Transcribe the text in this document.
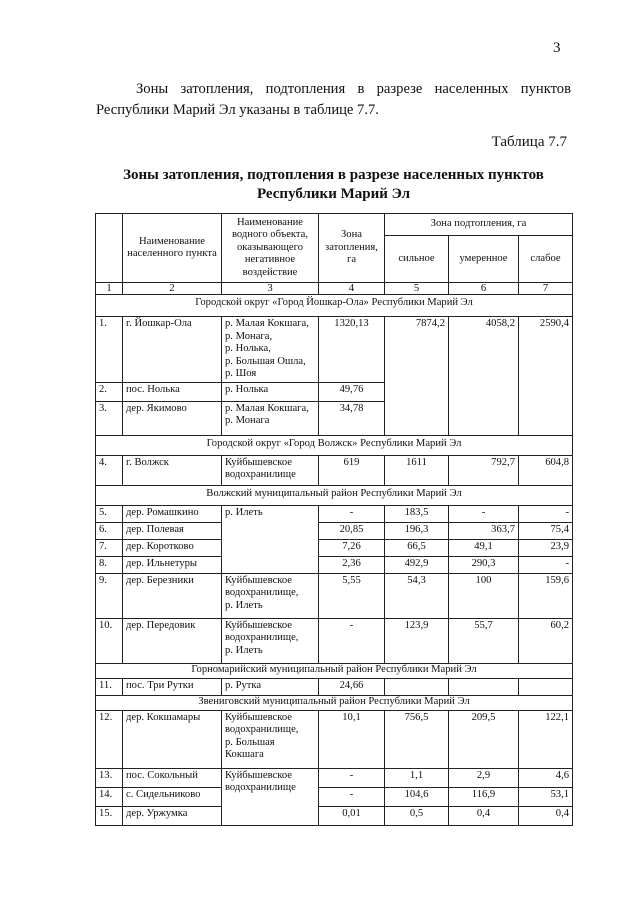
3
Зоны затопления, подтопления в разрезе населенных пунктов
Республики Марий Эл указаны в таблице 7.7.
Таблица 7.7
Зоны затопления, подтопления в разрезе населенных пунктов
Республики Марий Эл
	Наименование населенного пункта	Наименование водного объекта, оказывающего негативное воздействие	Зона затопления, га	Зона подтопления, га		
				сильное	умеренное	слабое
1	2	3	4	5	6	7
Городской округ «Город Йошкар-Ола» Республики Марий Эл						
1.	г. Йошкар-Ола	р. Малая Кокшага,
р. Монага,
р. Нолька,
р. Большая Ошла,
р. Шоя	1320,13	7874,2	4058,2	2590,4
2.	пос. Нолька	р. Нолька	49,76			
3.	дер. Якимово	р. Малая Кокшага,
р. Монага	34,78			
Городской округ «Город Волжск» Республики Марий Эл						
4.	г. Волжск	Куйбышевское
водохранилище	619	1611	792,7	604,8
Волжский муниципальный район Республики Марий Эл						
5.	дер. Ромашкино	р. Илеть	-	183,5	-	-
6.	дер. Полевая		20,85	196,3	363,7	75,4
7.	дер. Коротково		7,26	66,5	49,1	23,9
8.	дер. Ильнетуры		2,36	492,9	290,3	-
9.	дер. Березники	Куйбышевское
водохранилище,
р. Илеть	5,55	54,3	100	159,6
10.	дер. Передовик	Куйбышевское
водохранилище,
р. Илеть	-	123,9	55,7	60,2
Горномарийский муниципальный район Республики Марий Эл						
11.	пос. Три Рутки	р. Рутка	24,66			
Звениговский муниципальный район Республики Марий Эл						
12.	дер. Кокшамары	Куйбышевское
водохранилище,
р. Большая
Кокшага	10,1	756,5	209,5	122,1
13.	пос. Сокольный	Куйбышевское
водохранилище	-	1,1	2,9	4,6
14.	с. Сидельниково		-	104,6	116,9	53,1
15.	дер. Уржумка		0,01	0,5	0,4	0,4
